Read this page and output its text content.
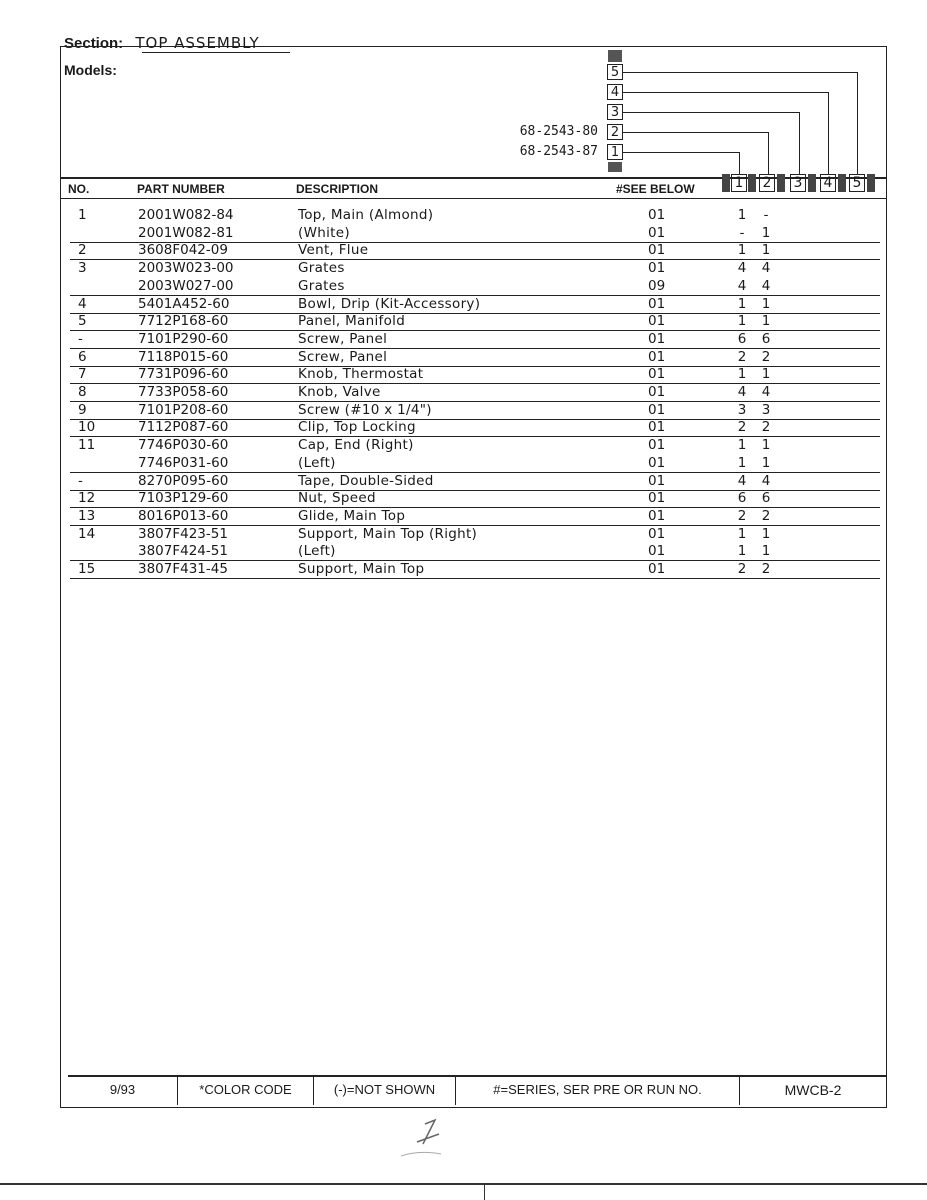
Section: TOP ASSEMBLY
Models:
68-2543-80
68-2543-87
5
4
3
2
1
NO.	PART NUMBER	DESCRIPTION	#SEE BELOW	1 2 3 4 5
1	2001W082-84	Top, Main (Almond)	01	1 -
2001W082-81	(White)	01	- 1
2	3608F042-09	Vent, Flue	01	1 1
3	2003W023-00	Grates	01	4 4
2003W027-00	Grates	09	4 4
4	5401A452-60	Bowl, Drip (Kit-Accessory)	01	1 1
5	7712P168-60	Panel, Manifold	01	1 1
-	7101P290-60	Screw, Panel	01	6 6
6	7118P015-60	Screw, Panel	01	2 2
7	7731P096-60	Knob, Thermostat	01	1 1
8	7733P058-60	Knob, Valve	01	4 4
9	7101P208-60	Screw (#10 x 1/4")	01	3 3
10	7112P087-60	Clip, Top Locking	01	2 2
11	7746P030-60	Cap, End (Right)	01	1 1
7746P031-60	(Left)	01	1 1
-	8270P095-60	Tape, Double-Sided	01	4 4
12	7103P129-60	Nut, Speed	01	6 6
13	8016P013-60	Glide, Main Top	01	2 2
14	3807F423-51	Support, Main Top (Right)	01	1 1
3807F424-51	(Left)	01	1 1
15	3807F431-45	Support, Main Top	01	2 2
9/93	*COLOR CODE	(-)=NOT SHOWN	#=SERIES, SER PRE OR RUN NO.	MWCB-2
